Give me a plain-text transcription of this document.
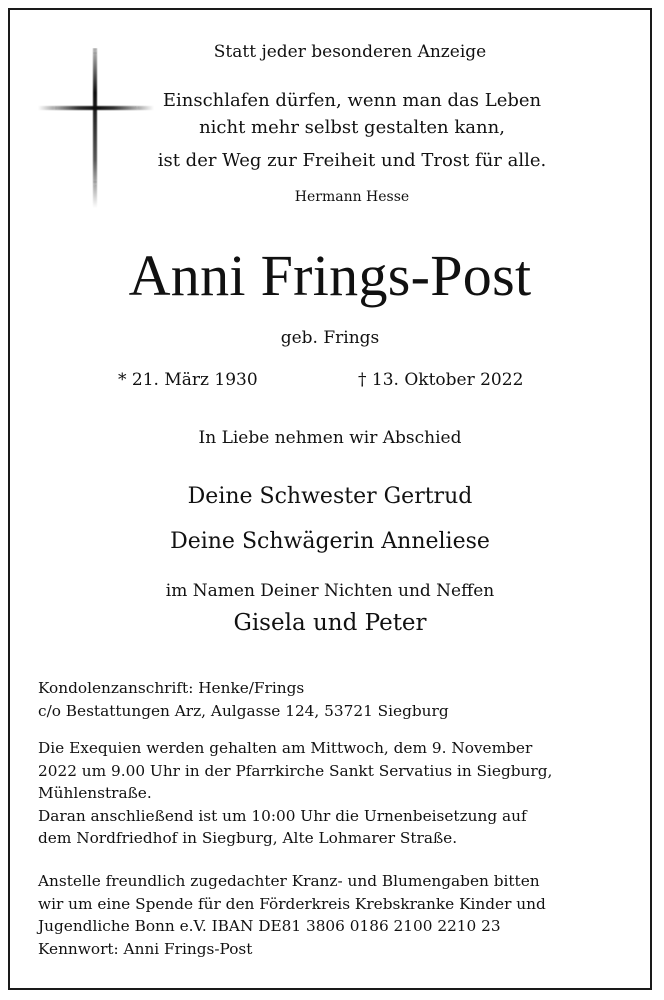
Statt jeder besonderen Anzeige
Einschlafen dürfen, wenn man das Leben
nicht mehr selbst gestalten kann,
ist der Weg zur Freiheit und Trost für alle.
Hermann Hesse
Anni Frings-Post
geb. Frings
* 21. März 1930	† 13. Oktober 2022
In Liebe nehmen wir Abschied
Deine Schwester Gertrud
Deine Schwägerin Anneliese
im Namen Deiner Nichten und Neffen
Gisela und Peter
Kondolenzanschrift: Henke/Frings
c/o Bestattungen Arz, Aulgasse 124, 53721 Siegburg
Die Exequien werden gehalten am Mittwoch, dem 9. November
2022 um 9.00 Uhr in der Pfarrkirche Sankt Servatius in Siegburg,
Mühlenstraße.
Daran anschließend ist um 10:00 Uhr die Urnenbeisetzung auf
dem Nordfriedhof in Siegburg, Alte Lohmarer Straße.
Anstelle freundlich zugedachter Kranz- und Blumengaben bitten
wir um eine Spende für den Förderkreis Krebskranke Kinder und
Jugendliche Bonn e.V. IBAN DE81 3806 0186 2100 2210 23
Kennwort: Anni Frings-Post
